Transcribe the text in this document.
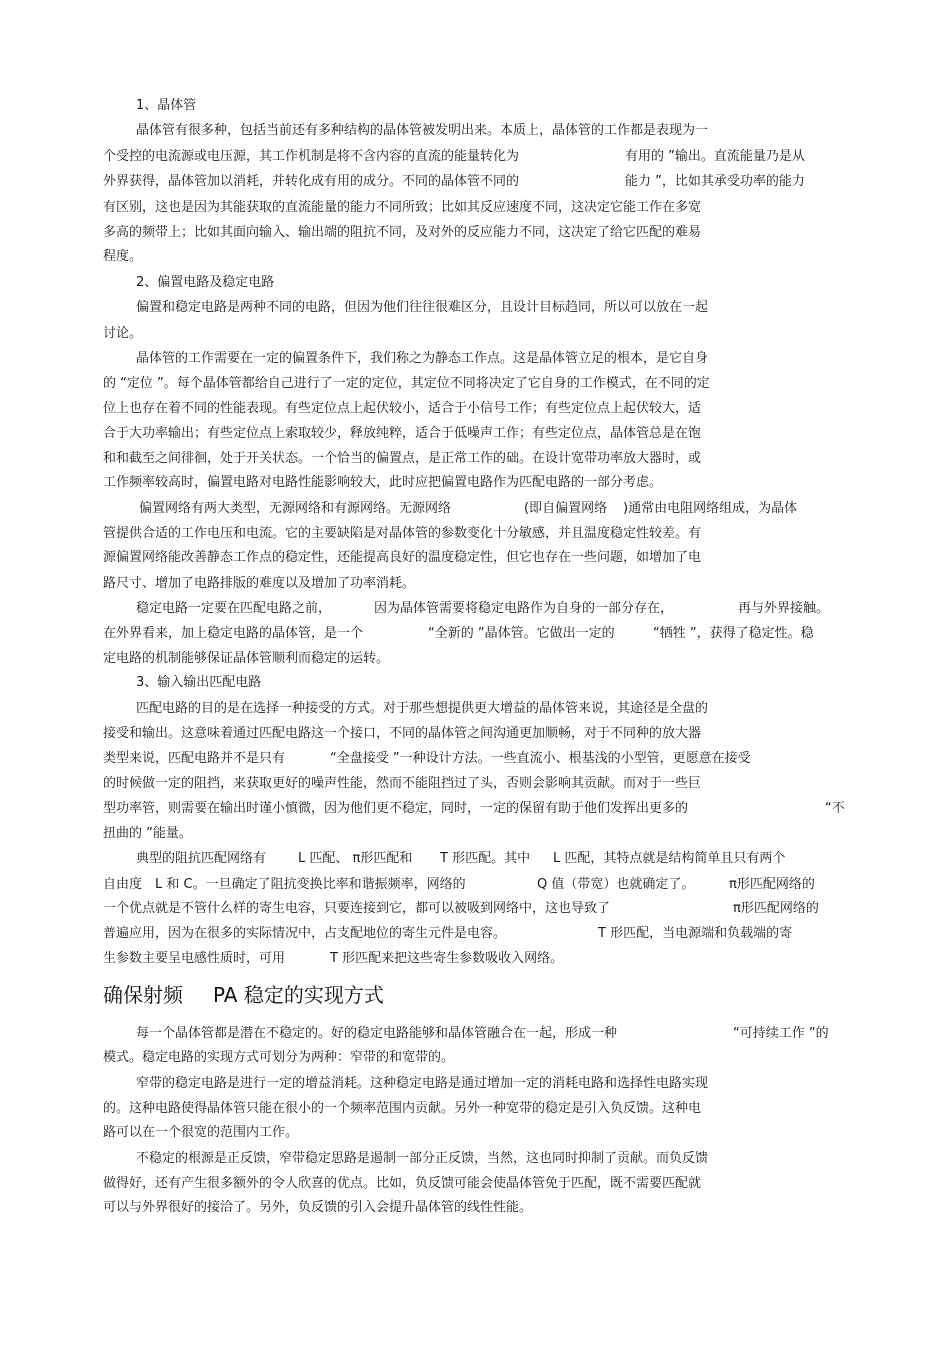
确保射频 PA 稳定的实现方式
1、晶体管
晶体管有很多种，包括当前还有多种结构的晶体管被发明出来。本质上，晶体管的工作都是表现为一
个受控的电流源或电压源，其工作机制是将不含内容的直流的能量转化为	有用的 ”输出。直流能量乃是从
外界获得，晶体管加以消耗，并转化成有用的成分。不同的晶体管不同的	能力 ”，比如其承受功率的能力
有区别，这也是因为其能获取的直流能量的能力不同所致；比如其反应速度不同，这决定它能工作在多宽
多高的频带上；比如其面向输入、输出端的阻抗不同，及对外的反应能力不同，这决定了给它匹配的难易
程度。
2、偏置电路及稳定电路
偏置和稳定电路是两种不同的电路，但因为他们往往很难区分，且设计目标趋同，所以可以放在一起
讨论。
晶体管的工作需要在一定的偏置条件下，我们称之为静态工作点。这是晶体管立足的根本，是它自身
的 “定位 ”。每个晶体管都给自己进行了一定的定位，其定位不同将决定了它自身的工作模式，在不同的定
位上也存在着不同的性能表现。有些定位点上起伏较小，适合于小信号工作；有些定位点上起伏较大，适
合于大功率输出；有些定位点上索取较少，释放纯粹，适合于低噪声工作；有些定位点，晶体管总是在饱
和和截至之间徘徊，处于开关状态。一个恰当的偏置点，是正常工作的础。在设计宽带功率放大器时，或
工作频率较高时，偏置电路对电路性能影响较大，此时应把偏置电路作为匹配电路的一部分考虑。
偏置网络有两大类型，无源网络和有源网络。无源网络	(即自偏置网络 )通常由电阻网络组成，为晶体
管提供合适的工作电压和电流。它的主要缺陷是对晶体管的参数变化十分敏感，并且温度稳定性较差。有
源偏置网络能改善静态工作点的稳定性，还能提高良好的温度稳定性，但它也存在一些问题，如增加了电
路尺寸、增加了电路排版的难度以及增加了功率消耗。
稳定电路一定要在匹配电路之前，	因为晶体管需要将稳定电路作为自身的一部分存在，	再与外界接触。
在外界看来，加上稳定电路的晶体管，是一个	“全新的 ”晶体管。它做出一定的	“牺牲 ”，获得了稳定性。稳
定电路的机制能够保证晶体管顺利而稳定的运转。
3、输入输出匹配电路
匹配电路的目的是在选择一种接受的方式。对于那些想提供更大增益的晶体管来说，其途径是全盘的
接受和输出。这意味着通过匹配电路这一个接口，不同的晶体管之间沟通更加顺畅，对于不同种的放大器
类型来说，匹配电路并不是只有	“全盘接受 ”一种设计方法。一些直流小、根基浅的小型管，更愿意在接受
的时候做一定的阻挡，来获取更好的噪声性能，然而不能阻挡过了头，否则会影响其贡献。而对于一些巨
型功率管，则需要在输出时谨小慎微，因为他们更不稳定，同时，一定的保留有助于他们发挥出更多的	“不
扭曲的 ”能量。
典型的阻抗匹配网络有 L 匹配、 π形匹配和 T 形匹配。其中 L 匹配，其特点就是结构简单且只有两个
自由度 L 和 C。一旦确定了阻抗变换比率和谐振频率，网络的	Q 值（带宽）也就确定了。	π形匹配网络的
一个优点就是不管什么样的寄生电容，只要连接到它，都可以被吸到网络中，这也导致了	π形匹配网络的
普遍应用，因为在很多的实际情况中，占支配地位的寄生元件是电容。	T 形匹配，当电源端和负载端的寄
生参数主要呈电感性质时，可用	T 形匹配来把这些寄生参数吸收入网络。
每一个晶体管都是潜在不稳定的。好的稳定电路能够和晶体管融合在一起，形成一种	“可持续工作 ”的
模式。稳定电路的实现方式可划分为两种：窄带的和宽带的。
窄带的稳定电路是进行一定的增益消耗。这种稳定电路是通过增加一定的消耗电路和选择性电路实现
的。这种电路使得晶体管只能在很小的一个频率范围内贡献。另外一种宽带的稳定是引入负反馈。这种电
路可以在一个很宽的范围内工作。
不稳定的根源是正反馈，窄带稳定思路是遏制一部分正反馈，当然，这也同时抑制了贡献。而负反馈
做得好，还有产生很多额外的令人欣喜的优点。比如，负反馈可能会使晶体管免于匹配，既不需要匹配就
可以与外界很好的接洽了。另外，负反馈的引入会提升晶体管的线性性能。
